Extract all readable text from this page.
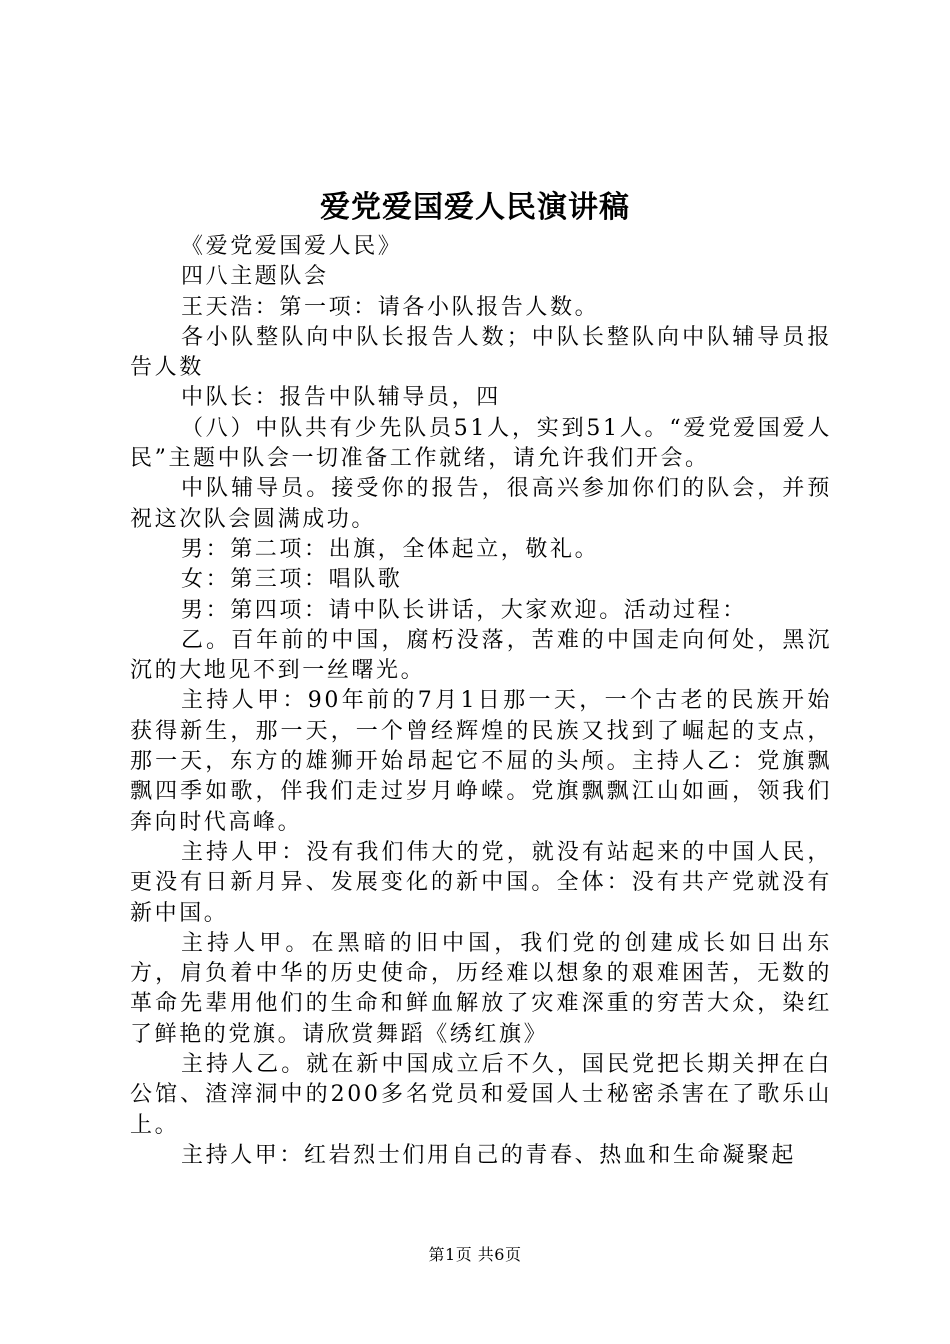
爱党爱国爱人民演讲稿

《爱党爱国爱人民》

四八主题队会

王天浩：第一项：请各小队报告人数。

各小队整队向中队长报告人数；中队长整队向中队辅导员报告人数

中队长：报告中队辅导员，四

（八）中队共有少先队员51人，实到51人。“爱党爱国爱人民”主题中队会一切准备工作就绪，请允许我们开会。

中队辅导员。接受你的报告，很高兴参加你们的队会，并预祝这次队会圆满成功。

男：第二项：出旗，全体起立，敬礼。

女：第三项：唱队歌

男：第四项：请中队长讲话，大家欢迎。活动过程：

乙。百年前的中国，腐朽没落，苦难的中国走向何处，黑沉沉的大地见不到一丝曙光。

主持人甲：90年前的7月1日那一天，一个古老的民族开始获得新生，那一天，一个曾经辉煌的民族又找到了崛起的支点，那一天，东方的雄狮开始昂起它不屈的头颅。主持人乙：党旗飘飘四季如歌，伴我们走过岁月峥嵘。党旗飘飘江山如画，领我们奔向时代高峰。

主持人甲：没有我们伟大的党，就没有站起来的中国人民，更没有日新月异、发展变化的新中国。全体：没有共产党就没有新中国。

主持人甲。在黑暗的旧中国，我们党的创建成长如日出东方，肩负着中华的历史使命，历经难以想象的艰难困苦，无数的革命先辈用他们的生命和鲜血解放了灾难深重的穷苦大众，染红了鲜艳的党旗。请欣赏舞蹈《绣红旗》

主持人乙。就在新中国成立后不久，国民党把长期关押在白公馆、渣滓洞中的200多名党员和爱国人士秘密杀害在了歌乐山上。

主持人甲：红岩烈士们用自己的青春、热血和生命凝聚起

第1页 共6页
